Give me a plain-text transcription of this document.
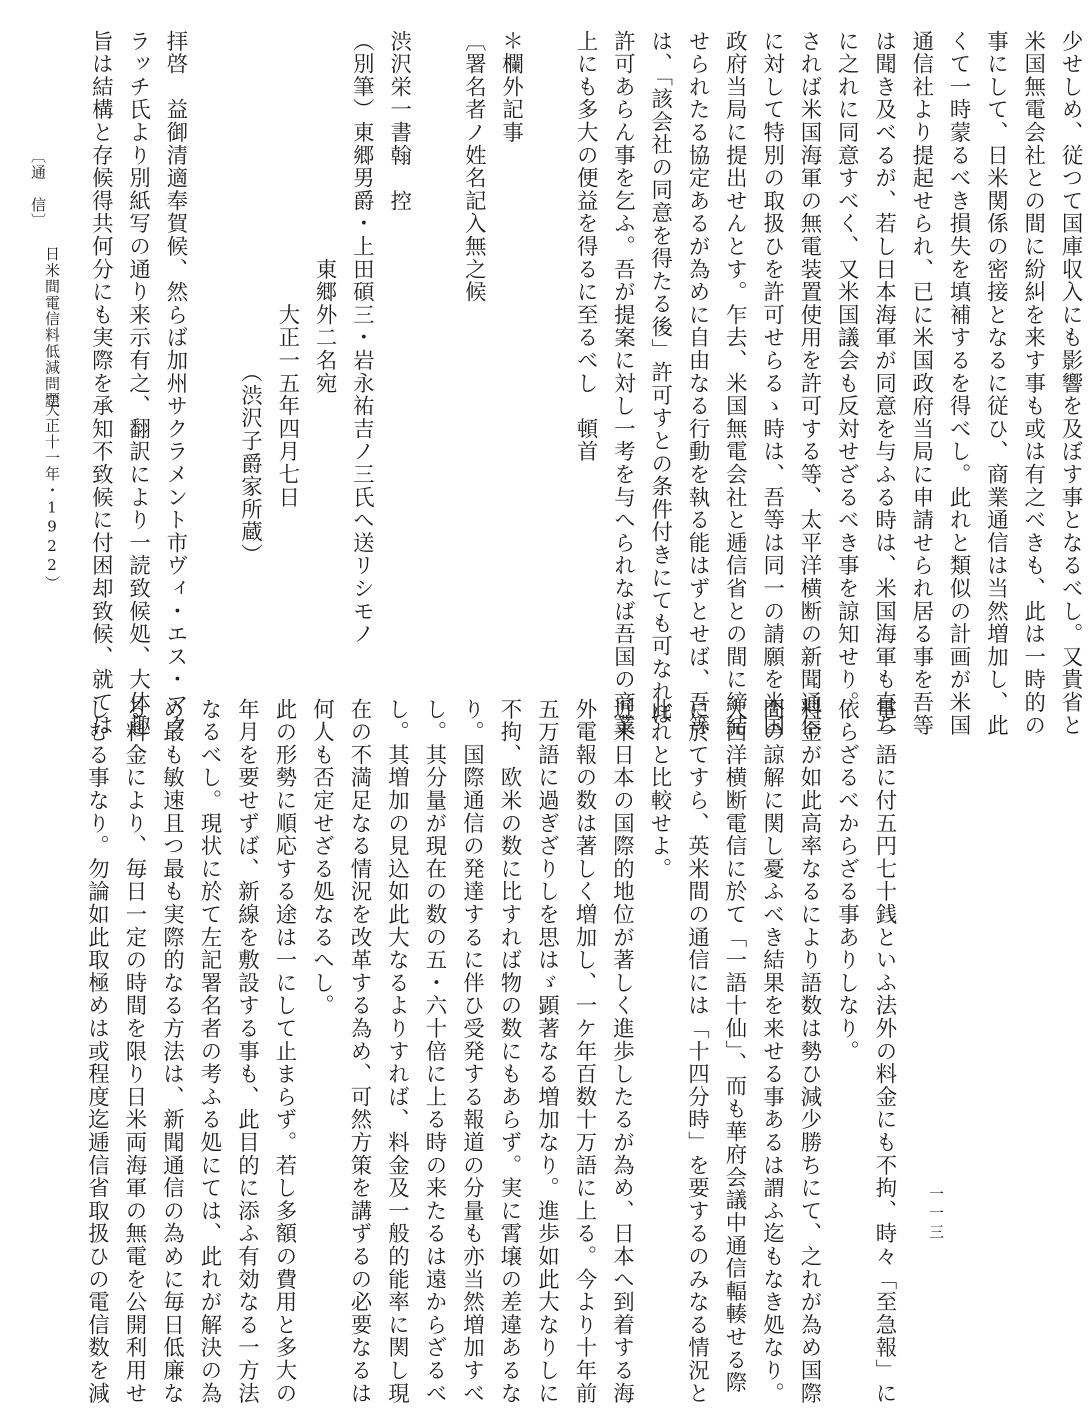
一一三

少せしめ、従つて国庫収入にも影響を及ぼす事となるべし。又貴省と

米国無電会社との間に紛糾を来す事も或は有之べきも、此は一時的の

事にして、日米関係の密接となるに従ひ、商業通信は当然増加し、此

くて一時蒙るべき損失を填補するを得べし。此れと類似の計画が米国

通信社より提起せられ、已に米国政府当局に申請せられ居る事を吾等

は聞き及べるが、若し日本海軍が同意を与ふる時は、米国海軍も直ち

に之れに同意すべく、又米国議会も反対せざるべき事を諒知せり。

されば米国海軍の無電装置使用を許可する等、太平洋横断の新聞通信

に対して特別の取扱ひを許可せらるゝ時は、吾等は同一の請願を米国

政府当局に提出せんとす。乍去、米国無電会社と逓信省との間に締結

せられたる協定あるが為めに自由なる行動を執る能はずとせば、吾等

は、「該会社の同意を得たる後」許可すとの条件付きにても可なれば

許可あらん事を乞ふ。吾が提案に対し一考を与へられなば吾国の商業

上にも多大の便益を得るに至るべし　頓首

＊欄外記事

〔署名者ノ姓名記入無之候

渋沢栄一書翰　控

（別筆）東郷男爵・上田碩三・岩永祐吉ノ三氏へ送リシモノ

　　　　　　　　　　東郷外二名宛

　　　　　　　　　　　　大正一五年四月七日

　　　　　　　　　　　　　　　（渋沢子爵家所蔵）

拝啓　益御清適奉賀候、然らば加州サクラメント市ヴィ・エス・マク

ラッチ氏より別紙写の通り来示有之、翻訳により一読致候処、大体趣

旨は結構と存候得共何分にも実際を承知不致候に付困却致候、就ては

電一語に付五円七十銭といふ法外の料金にも不拘、時々「至急報」に

依らざるべからざる事ありしなり。

料金が如此高率なるにより語数は勢ひ減少勝ちにて、之れが為め国際

間の諒解に関し憂ふべき結果を来せる事あるは謂ふ迄もなき処なり。

大西洋横断電信に於て「一語十仙」、而も華府会議中通信輻輳せる際

に於てすら、英米間の通信には「十四分時」を要するのみなる情況と

此れと比較せよ。

近来日本の国際的地位が著しく進歩したるが為め、日本へ到着する海

外電報の数は著しく増加し、一ケ年百数十万語に上る。今より十年前

五万語に過ぎざりしを思はゞ顕著なる増加なり。進歩如此大なりしに

不拘、欧米の数に比すれば物の数にもあらず。実に霄壌の差違あるな

り。国際通信の発達するに伴ひ受発する報道の分量も亦当然増加すべ

し。其分量が現在の数の五・六十倍に上る時の来たるは遠からざるべ

し。其増加の見込如此大なるよりすれば、料金及一般的能率に関し現

在の不満足なる情況を改革する為め、可然方策を講ずるの必要なるは

何人も否定せざる処なるへし。

此の形勢に順応する途は一にして止まらず。若し多額の費用と多大の

年月を要せずば、新線を敷設する事も、此目的に添ふ有効なる一方法

なるべし。現状に於て左記署名者の考ふる処にては、此れが解決の為

め最も敏速且つ最も実際的なる方法は、新聞通信の為めに毎日低廉な

る料金により、毎日一定の時間を限り日米両海軍の無電を公開利用せ

しむる事なり。勿論如此取極めは或程度迄逓信省取扱ひの電信数を減

〔通　信〕
日米間電信料低減問題
（大正十一年・1922）
